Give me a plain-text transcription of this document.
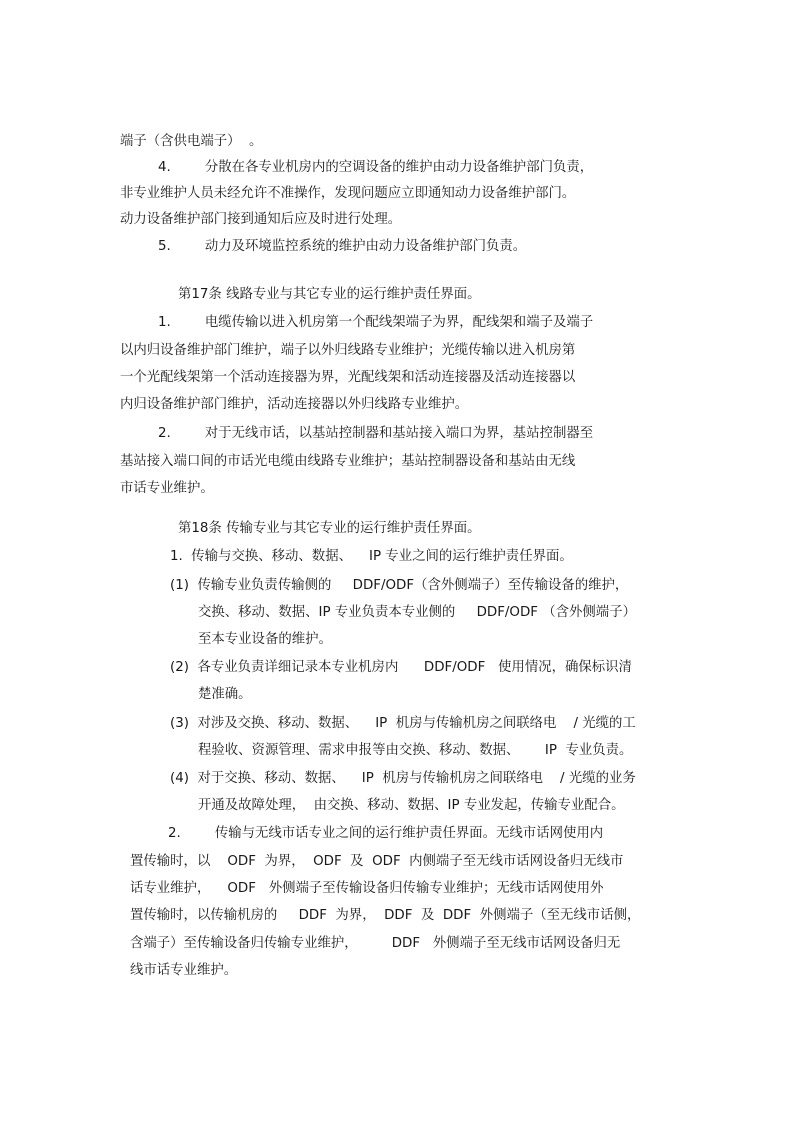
端子（含供电端子）  。
4.        分散在各专业机房内的空调设备的维护由动力设备维护部门负责，
非专业维护人员未经允许不准操作，发现问题应立即通知动力设备维护部门。
动力设备维护部门接到通知后应及时进行处理。
5.        动力及环境监控系统的维护由动力设备维护部门负责。
第17条 线路专业与其它专业的运行维护责任界面。
1.        电缆传输以进入机房第一个配线架端子为界，配线架和端子及端子
以内归设备维护部门维护，端子以外归线路专业维护；光缆传输以进入机房第
一个光配线架第一个活动连接器为界，光配线架和活动连接器及活动连接器以
内归设备维护部门维护，活动连接器以外归线路专业维护。
2.        对于无线市话，以基站控制器和基站接入端口为界，基站控制器至
基站接入端口间的市话光电缆由线路专业维护；基站控制器设备和基站由无线
市话专业维护。
第18条 传输专业与其它专业的运行维护责任界面。
1.  传输与交换、移动、数据、    IP 专业之间的运行维护责任界面。
(1)  传输专业负责传输侧的     DDF/ODF（含外侧端子）至传输设备的维护，
交换、移动、数据、IP 专业负责本专业侧的     DDF/ODF （含外侧端子）
至本专业设备的维护。
(2)  各专业负责详细记录本专业机房内      DDF/ODF   使用情况，确保标识清
楚准确。
(3)  对涉及交换、移动、数据、    IP  机房与传输机房之间联络电    / 光缆的工
程验收、资源管理、需求申报等由交换、移动、数据、      IP  专业负责。
(4)  对于交换、移动、数据、    IP  机房与传输机房之间联络电    / 光缆的业务
开通及故障处理，  由交换、移动、数据、IP 专业发起，传输专业配合。
2.        传输与无线市话专业之间的运行维护责任界面。无线市话网使用内
置传输时，以    ODF  为界，  ODF  及  ODF  内侧端子至无线市话网设备归无线市
话专业维护，    ODF   外侧端子至传输设备归传输专业维护；无线市话网使用外
置传输时，以传输机房的     DDF  为界，  DDF  及  DDF  外侧端子（至无线市话侧，
含端子）至传输设备归传输专业维护，        DDF   外侧端子至无线市话网设备归无
线市话专业维护。
